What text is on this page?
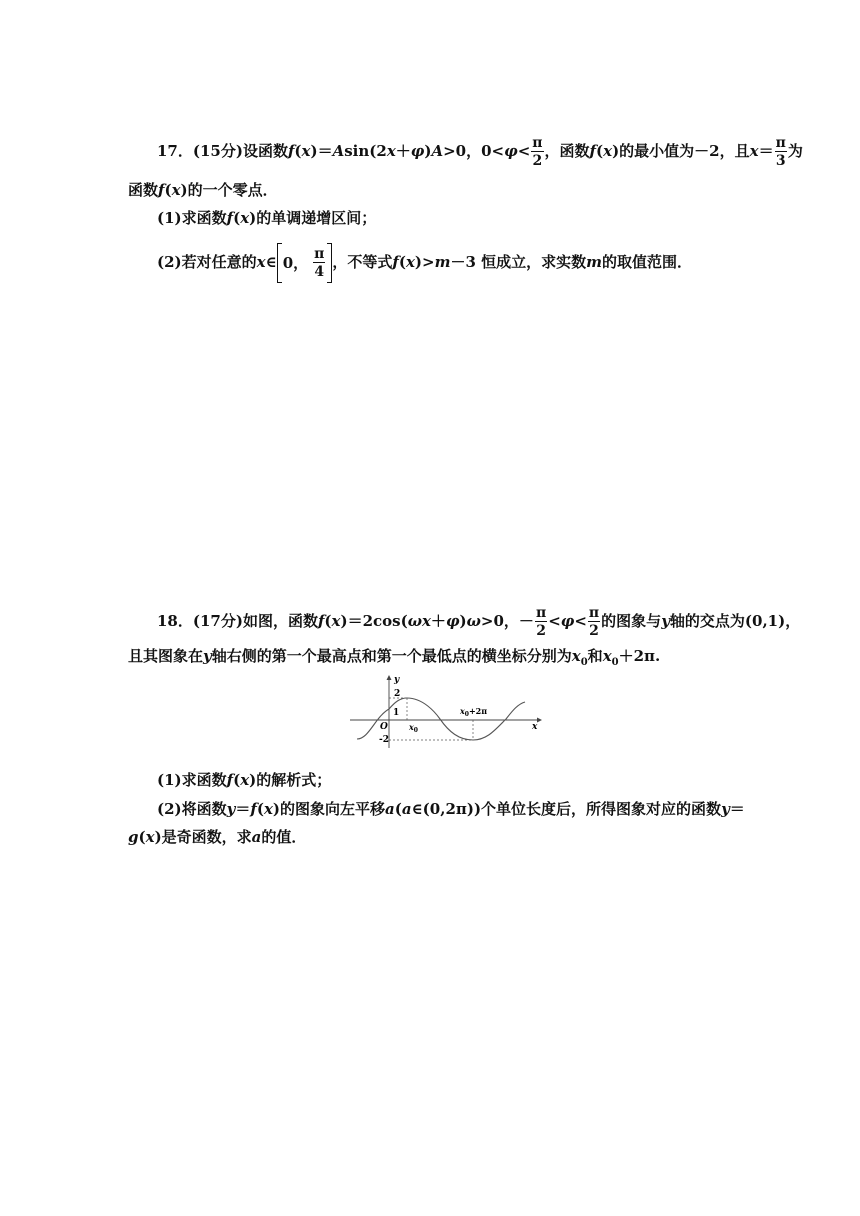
17．(15分)设函数f(x)＝Asin(2x＋φ)A>0，$0<\varphi< \frac{\pi}{2}$ ，函数f(x)的最小值为－2，且$x= \frac{\pi}{3}$ 为
函数f(x)的一个零点．
(1)求函数f(x)的单调递增区间；
(2)若对任意的x∈ 0， $\frac{\pi}{4}$ ，不等式f(x)>m－3 恒成立，求实数m的取值范围．
18．(17分)如图，函数f(x)＝2cos(ωx＋φ)ω>0，－ $\frac{\pi}{2} <\varphi< \frac{\pi}{2}$ 的图象与y轴的交点为(0,1)，
且其图象在y轴右侧的第一个最高点和第一个最低点的横坐标分别为$x_0$和$x_0+2\pi$.
y
x
O
2
1
-2
$x_0$
$x_0+2\pi$
(1)求函数f(x)的解析式；
(2)将函数y＝f(x)的图象向左平移a(a∈(0,2π))个单位长度后，所得图象对应的函数y＝
g(x)是奇函数，求a的值．
